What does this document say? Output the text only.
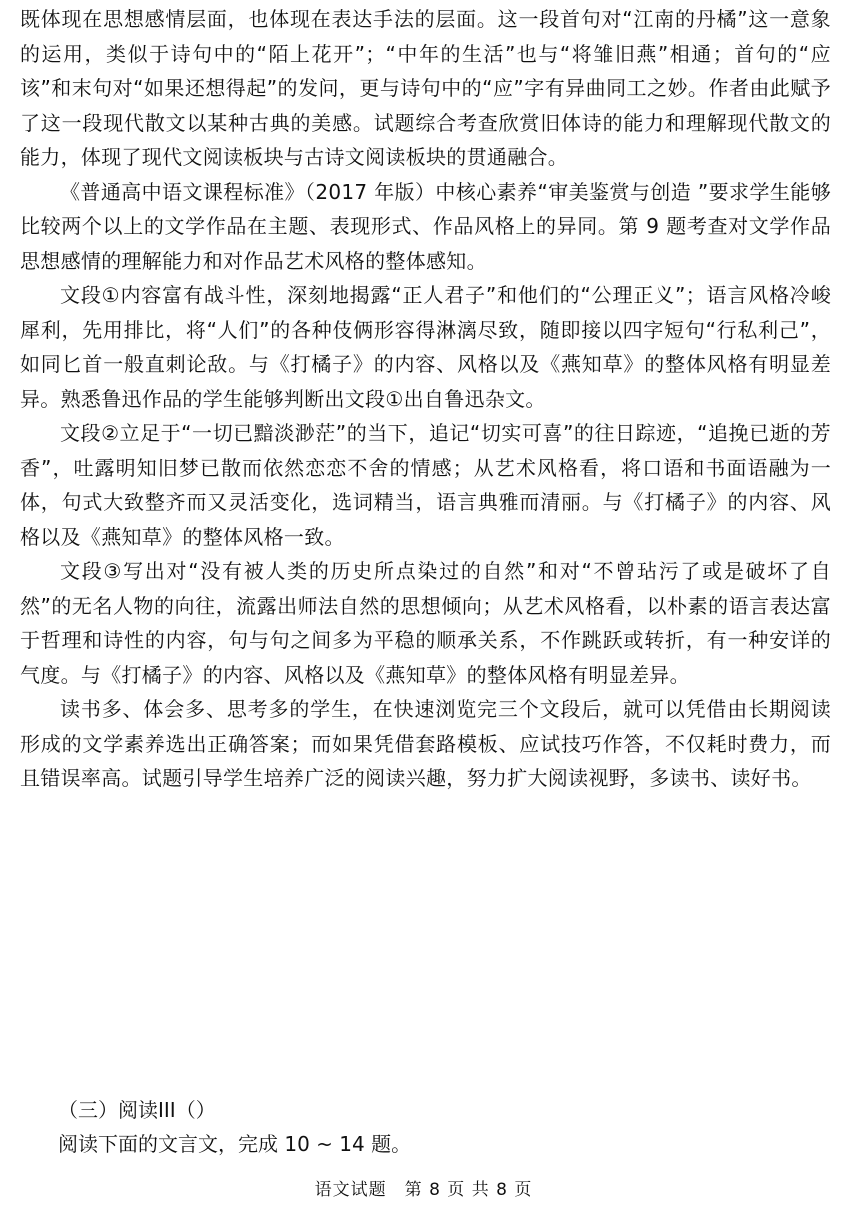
既体现在思想感情层面，也体现在表达手法的层面。这一段首句对“江南的丹橘”这一意象的运用，类似于诗句中的“陌上花开”；“中年的生活”也与“将雏旧燕”相通；首句的“应该”和末句对“如果还想得起”的发问，更与诗句中的“应”字有异曲同工之妙。作者由此赋予了这一段现代散文以某种古典的美感。试题综合考查欣赏旧体诗的能力和理解现代散文的能力，体现了现代文阅读板块与古诗文阅读板块的贯通融合。

《普通高中语文课程标准》（2017 年版）中核心素养“审美鉴赏与创造 ”要求学生能够比较两个以上的文学作品在主题、表现形式、作品风格上的异同。第 9 题考查对文学作品思想感情的理解能力和对作品艺术风格的整体感知。

文段①内容富有战斗性，深刻地揭露“正人君子”和他们的“公理正义”；语言风格冷峻犀利，先用排比，将“人们”的各种伎俩形容得淋漓尽致，随即接以四字短句“行私利己”，如同匕首一般直刺论敌。与《打橘子》的内容、风格以及《燕知草》的整体风格有明显差异。熟悉鲁迅作品的学生能够判断出文段①出自鲁迅杂文。

文段②立足于“一切已黯淡渺茫”的当下，追记“切实可喜”的往日踪迹，“追挽已逝的芳香”，吐露明知旧梦已散而依然恋恋不舍的情感；从艺术风格看，将口语和书面语融为一体，句式大致整齐而又灵活变化，选词精当，语言典雅而清丽。与《打橘子》的内容、风格以及《燕知草》的整体风格一致。

文段③写出对“没有被人类的历史所点染过的自然”和对“不曾玷污了或是破坏了自然”的无名人物的向往，流露出师法自然的思想倾向；从艺术风格看，以朴素的语言表达富于哲理和诗性的内容，句与句之间多为平稳的顺承关系，不作跳跃或转折，有一种安详的气度。与《打橘子》的内容、风格以及《燕知草》的整体风格有明显差异。

读书多、体会多、思考多的学生，在快速浏览完三个文段后，就可以凭借由长期阅读形成的文学素养选出正确答案；而如果凭借套路模板、应试技巧作答，不仅耗时费力，而且错误率高。试题引导学生培养广泛的阅读兴趣，努力扩大阅读视野，多读书、读好书。

（三）阅读III（）

阅读下面的文言文，完成 10 ~ 14 题。

语文试题　第 8 页 共 8 页
